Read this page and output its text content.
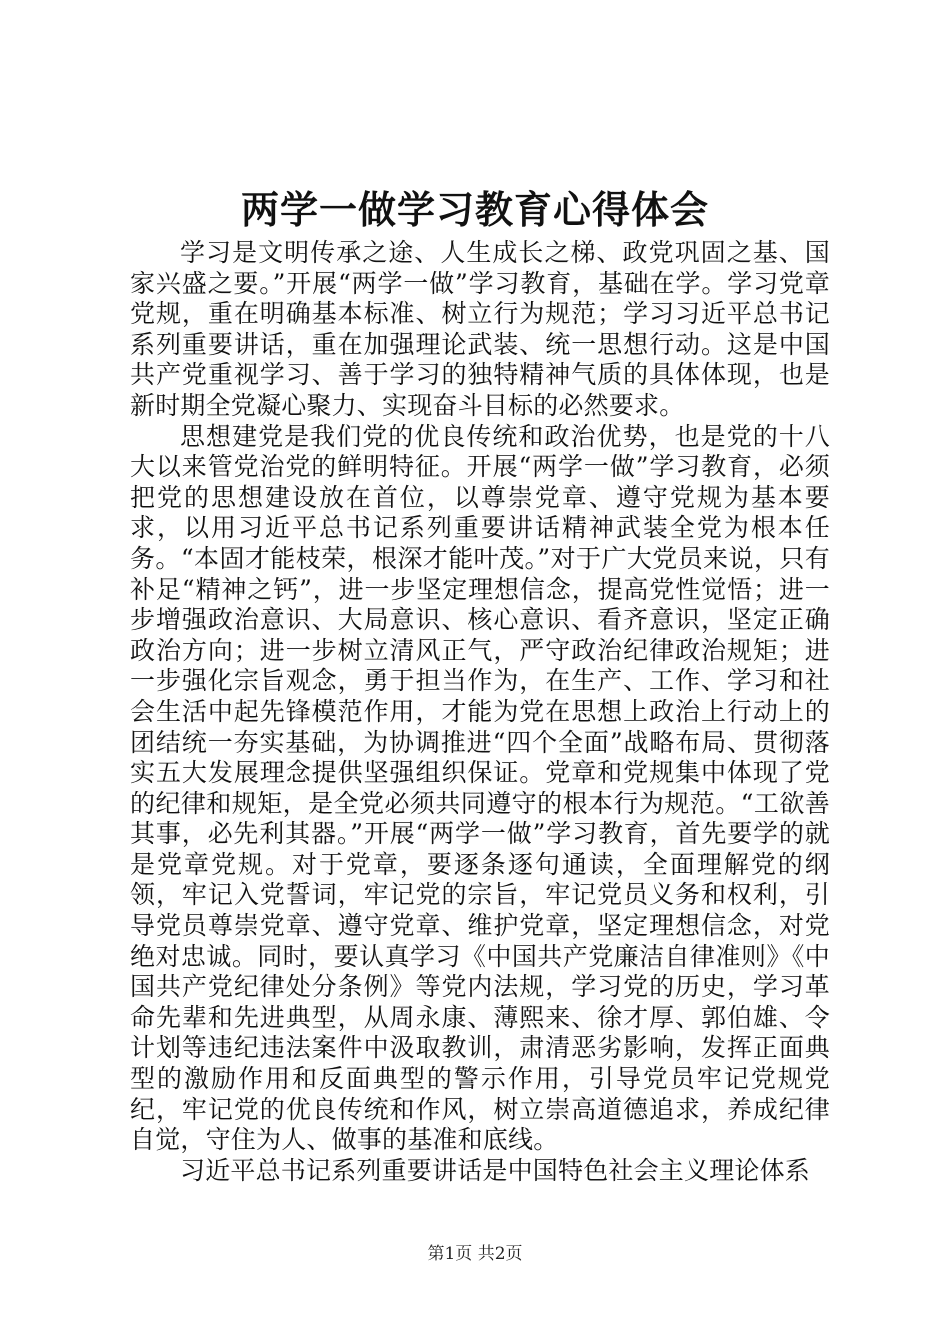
两学一做学习教育心得体会

学习是文明传承之途、人生成长之梯、政党巩固之基、国家兴盛之要。”开展“两学一做”学习教育，基础在学。学习党章党规，重在明确基本标准、树立行为规范；学习习近平总书记系列重要讲话，重在加强理论武装、统一思想行动。这是中国共产党重视学习、善于学习的独特精神气质的具体体现，也是新时期全党凝心聚力、实现奋斗目标的必然要求。

思想建党是我们党的优良传统和政治优势，也是党的十八大以来管党治党的鲜明特征。开展“两学一做”学习教育，必须把党的思想建设放在首位，以尊崇党章、遵守党规为基本要求，以用习近平总书记系列重要讲话精神武装全党为根本任务。“本固才能枝荣，根深才能叶茂。”对于广大党员来说，只有补足“精神之钙”，进一步坚定理想信念，提高党性觉悟；进一步增强政治意识、大局意识、核心意识、看齐意识，坚定正确政治方向；进一步树立清风正气，严守政治纪律政治规矩；进一步强化宗旨观念，勇于担当作为，在生产、工作、学习和社会生活中起先锋模范作用，才能为党在思想上政治上行动上的团结统一夯实基础，为协调推进“四个全面”战略布局、贯彻落实五大发展理念提供坚强组织保证。党章和党规集中体现了党的纪律和规矩，是全党必须共同遵守的根本行为规范。“工欲善其事，必先利其器。”开展“两学一做”学习教育，首先要学的就是党章党规。对于党章，要逐条逐句通读，全面理解党的纲领，牢记入党誓词，牢记党的宗旨，牢记党员义务和权利，引导党员尊崇党章、遵守党章、维护党章，坚定理想信念，对党绝对忠诚。同时，要认真学习《中国共产党廉洁自律准则》《中国共产党纪律处分条例》等党内法规，学习党的历史，学习革命先辈和先进典型，从周永康、薄熙来、徐才厚、郭伯雄、令计划等违纪违法案件中汲取教训，肃清恶劣影响，发挥正面典型的激励作用和反面典型的警示作用，引导党员牢记党规党纪，牢记党的优良传统和作风，树立崇高道德追求，养成纪律自觉，守住为人、做事的基准和底线。

习近平总书记系列重要讲话是中国特色社会主义理论体系

第1页 共2页
